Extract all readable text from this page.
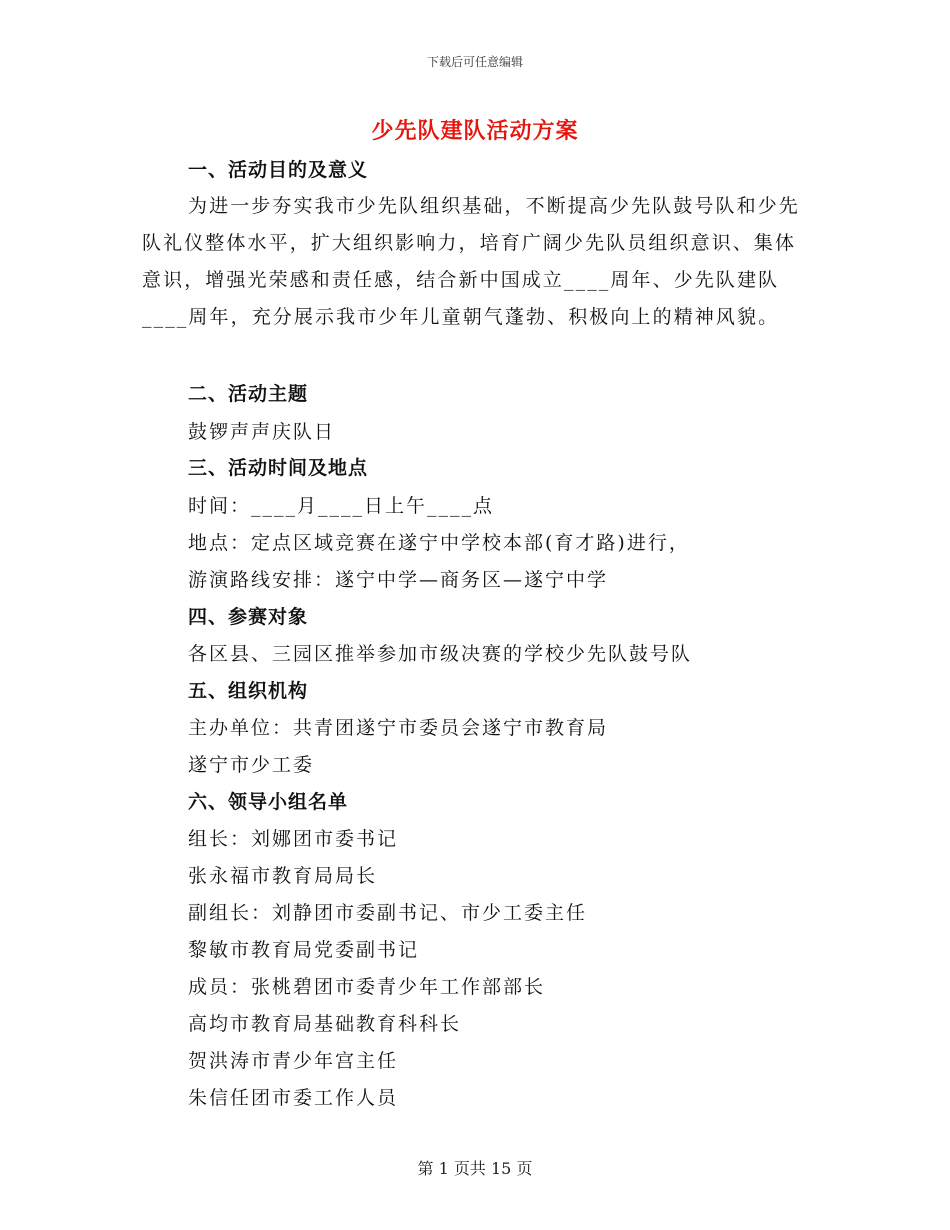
下载后可任意编辑
少先队建队活动方案
一、活动目的及意义
为进一步夯实我市少先队组织基础，不断提高少先队鼓号队和少先队礼仪整体水平，扩大组织影响力，培育广阔少先队员组织意识、集体意识，增强光荣感和责任感，结合新中国成立____周年、少先队建队____周年，充分展示我市少年儿童朝气蓬勃、积极向上的精神风貌。
二、活动主题
鼓锣声声庆队日
三、活动时间及地点
时间：____月____日上午____点
地点：定点区域竞赛在遂宁中学校本部(育才路)进行，
游演路线安排：遂宁中学—商务区—遂宁中学
四、参赛对象
各区县、三园区推举参加市级决赛的学校少先队鼓号队
五、组织机构
主办单位：共青团遂宁市委员会遂宁市教育局
遂宁市少工委
六、领导小组名单
组长：刘娜团市委书记
张永福市教育局局长
副组长：刘静团市委副书记、市少工委主任
黎敏市教育局党委副书记
成员：张桃碧团市委青少年工作部部长
高均市教育局基础教育科科长
贺洪涛市青少年宫主任
朱信任团市委工作人员
第 1 页共 15 页
